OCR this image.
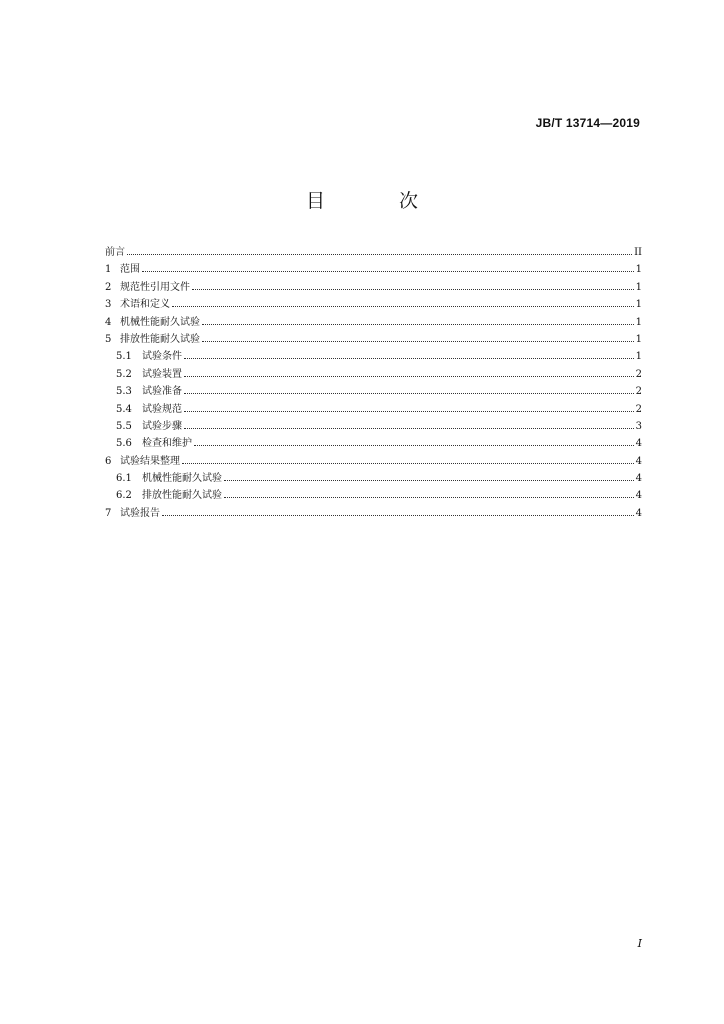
JB/T 13714—2019
目 次
前言	II
1 范围	1
2 规范性引用文件	1
3 术语和定义	1
4 机械性能耐久试验	1
5 排放性能耐久试验	1
5.1	试验条件	1
5.2	试验装置	2
5.3	试验准备	2
5.4	试验规范	2
5.5	试验步骤	3
5.6	检查和维护	4
6 试验结果整理	4
6.1	机械性能耐久试验	4
6.2	排放性能耐久试验	4
7 试验报告	4
I
